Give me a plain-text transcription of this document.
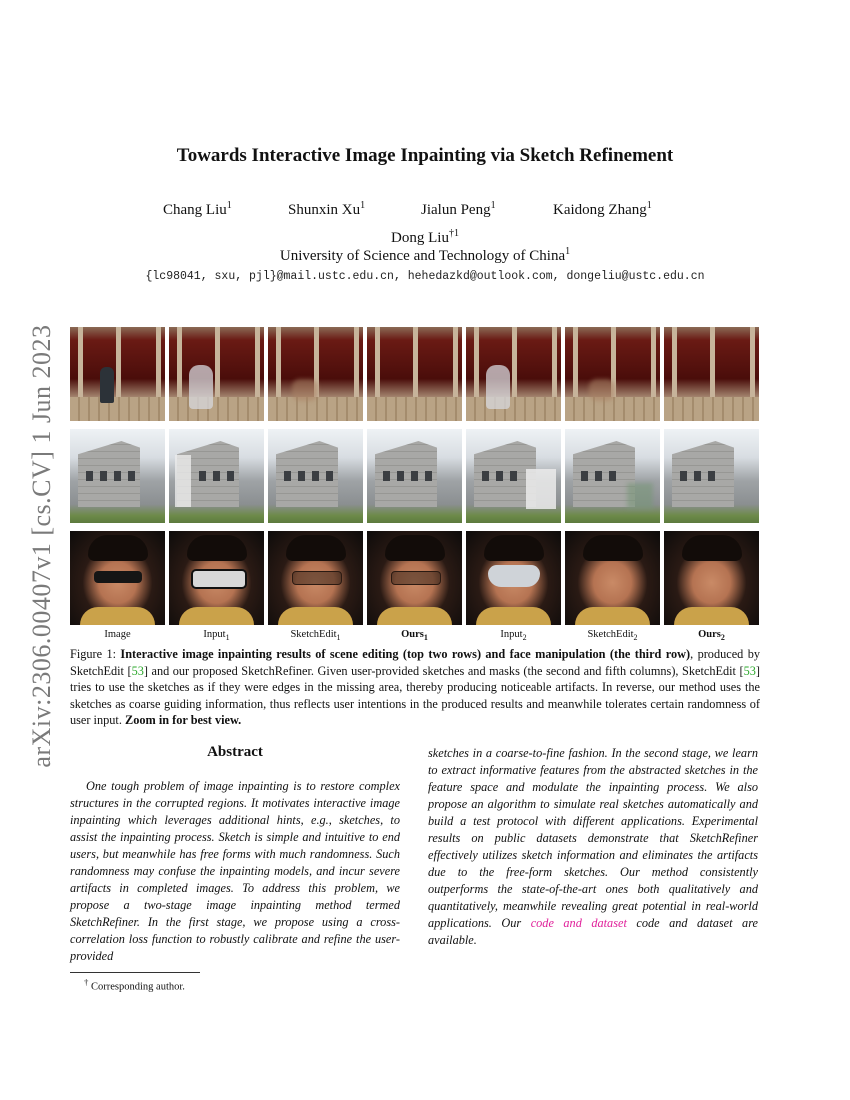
arXiv:2306.00407v1 [cs.CV] 1 Jun 2023
Towards Interactive Image Inpainting via Sketch Refinement
Chang Liu$^1$	Shunxin Xu$^1$	Jialun Peng$^1$	Kaidong Zhang$^1$
Dong Liu$^{\dagger 1}$
University of Science and Technology of China$^1$
{lc98041, sxu, pjl}@mail.ustc.edu.cn, hehedazkd@outlook.com, dongeliu@ustc.edu.cn
Image	Input$_1$	SketchEdit$_1$	Ours$_1$	Input$_2$	SketchEdit$_2$	Ours$_2$
Figure 1: Interactive image inpainting results of scene editing (top two rows) and face manipulation (the third row), produced by SketchEdit [53] and our proposed SketchRefiner. Given user-provided sketches and masks (the second and fifth columns), SketchEdit [53] tries to use the sketches as if they were edges in the missing area, thereby producing noticeable artifacts. In reverse, our method uses the sketches as coarse guiding information, thus reflects user intentions in the produced results and meanwhile tolerates certain randomness of user input. Zoom in for best view.
Abstract
One tough problem of image inpainting is to restore complex structures in the corrupted regions. It motivates interactive image inpainting which leverages additional hints, e.g., sketches, to assist the inpainting process. Sketch is simple and intuitive to end users, but meanwhile has free forms with much randomness. Such randomness may confuse the inpainting models, and incur severe artifacts in completed images. To address this problem, we propose a two-stage image inpainting method termed SketchRefiner. In the first stage, we propose using a cross-correlation loss function to robustly calibrate and refine the user-provided
sketches in a coarse-to-fine fashion. In the second stage, we learn to extract informative features from the abstracted sketches in the feature space and modulate the inpainting process. We also propose an algorithm to simulate real sketches automatically and build a test protocol with different applications. Experimental results on public datasets demonstrate that SketchRefiner effectively utilizes sketch information and eliminates the artifacts due to the free-form sketches. Our method consistently outperforms the state-of-the-art ones both qualitatively and quantitatively, meanwhile revealing great potential in real-world applications. Our code and dataset code and dataset are available.
† Corresponding author.
